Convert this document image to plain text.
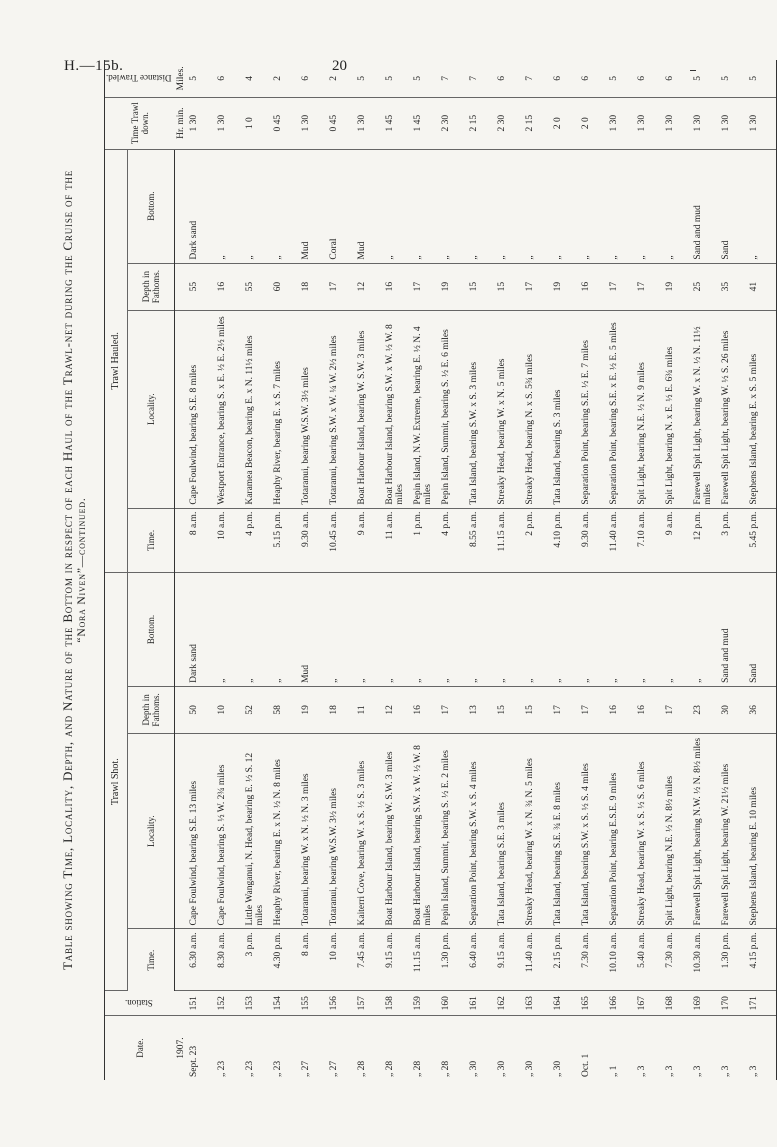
H.—15b.	20
Table showing Time, Locality, Depth, and Nature of the Bottom in respect of each Haul of the Trawl-net during the Cruise of the “Nora Niven”—continued.
Date.	Station.	Trawl Shot.				Trawl Hauled.				Time Trawl down.	Distance Trawled.
		Time.	Locality.	Depth in Fathoms.	Bottom.	Time.	Locality.	Depth in Fathoms.	Bottom.		
1907.										Hr. min.	Miles.
Sept. 23	151	6.30 a.m.	Cape Foulwind, bearing S.E. 13 miles	50	Dark sand	8 a.m.	Cape Foulwind, bearing S.E. 8 miles	55	Dark sand	1 30	5
„ 23	152	8.30 a.m.	Cape Foulwind, bearing S. ½ W. 2¾ miles	10	„	10 a.m.	Westport Entrance, bearing S. x E. ½ E. 2½ miles	16	„	1 30	6
„ 23	153	3 p.m.	Little Wanganui, N. Head, bearing E. ½ S. 12 miles	52	„	4 p.m.	Karamea Beacon, bearing E. x N. 11½ miles	55	„	1 0	4
„ 23	154	4.30 p.m.	Heaphy River, bearing E. x N. ½ N. 8 miles	58	„	5.15 p.m.	Heaphy River, bearing E. x S. 7 miles	60	„	0 45	2
„ 27	155	8 a.m.	Totaranui, bearing W. x N. ½ N. 3 miles	19	Mud	9.30 a.m.	Totaranui, bearing W.S.W. 3½ miles	18	Mud	1 30	6
„ 27	156	10 a.m.	Totaranui, bearing W.S.W. 3½ miles	18	„	10.45 a.m.	Totaranui, bearing S.W. x W. ¼ W. 2½ miles	17	Coral	0 45	2
„ 28	157	7.45 a.m.	Kaiterri Cove, bearing W. x S. ½ S. 3 miles	11	„	9 a.m.	Boat Harbour Island, bearing W. S.W. 3 miles	12	Mud	1 30	5
„ 28	158	9.15 a.m.	Boat Harbour Island, bearing W. S.W. 3 miles	12	„	11 a.m.	Boat Harbour Island, bearing S.W. x W. ½ W. 8 miles	16	„	1 45	5
„ 28	159	11.15 a.m.	Boat Harbour Island, bearing S.W. x W. ½ W. 8 miles	16	„	1 p.m.	Pepin Island, N.W. Extreme, bearing E. ½ N. 4 miles	17	„	1 45	5
„ 28	160	1.30 p.m.	Pepin Island, Summit, bearing S. ½ E. 2 miles	17	„	4 p.m.	Pepin Island, Summit, bearing S. ½ E. 6 miles	19	„	2 30	7
„ 30	161	6.40 a.m.	Separation Point, bearing S.W. x S. 4 miles	13	„	8.55 a.m.	Tata Island, bearing S.W. x S. 3 miles	15	„	2 15	7
„ 30	162	9.15 a.m.	Tata Island, bearing S.E. 3 miles	15	„	11.15 a.m.	Streaky Head, bearing W. x N. 5 miles	15	„	2 30	6
„ 30	163	11.40 a.m.	Streaky Head, bearing W. x N. ¾ N. 5 miles	15	„	2 p.m.	Streaky Head, bearing N. x S. 5¾ miles	17	„	2 15	7
„ 30	164	2.15 p.m.	Tata Island, bearing S.E. ¾ E. 8 miles	17	„	4.10 p.m.	Tata Island, bearing S. 3 miles	19	„	2 0	6
Oct. 1	165	7.30 a.m.	Tata Island, bearing S.W. x S. ½ S. 4 miles	17	„	9.30 a.m.	Separation Point, bearing S.E. ½ E. 7 miles	16	„	2 0	6
„ 1	166	10.10 a.m.	Separation Point, bearing E.S.E. 9 miles	16	„	11.40 a.m.	Separation Point, bearing S.E. x E. ½ E. 5 miles	17	„	1 30	5
„ 3	167	5.40 a.m.	Streaky Head, bearing W. x S. ½ S. 6 miles	16	„	7.10 a.m.	Spit Light, bearing N.E. ½ N. 9 miles	17	„	1 30	6
„ 3	168	7.30 a.m.	Spit Light, bearing N.E. ½ N. 8½ miles	17	„	9 a.m.	Spit Light, bearing N. x E. ½ E. 6¾ miles	19	„	1 30	6
„ 3	169	10.30 a.m.	Farewell Spit Light, bearing N.W. ½ N. 8½ miles	23	„	12 p.m.	Farewell Spit Light, bearing W. x N. ½ N. 11½ miles	25	Sand and mud	1 30	5
„ 3	170	1.30 p.m.	Farewell Spit Light, bearing W. 21½ miles	30	Sand and mud	3 p.m.	Farewell Spit Light, bearing W. ½ S. 26 miles	35	Sand	1 30	5
„ 3	171	4.15 p.m.	Stephens Island, bearing E. 10 miles	36	Sand	5.45 p.m.	Stephens Island, bearing E. x S. 5 miles	41	„	1 30	5
